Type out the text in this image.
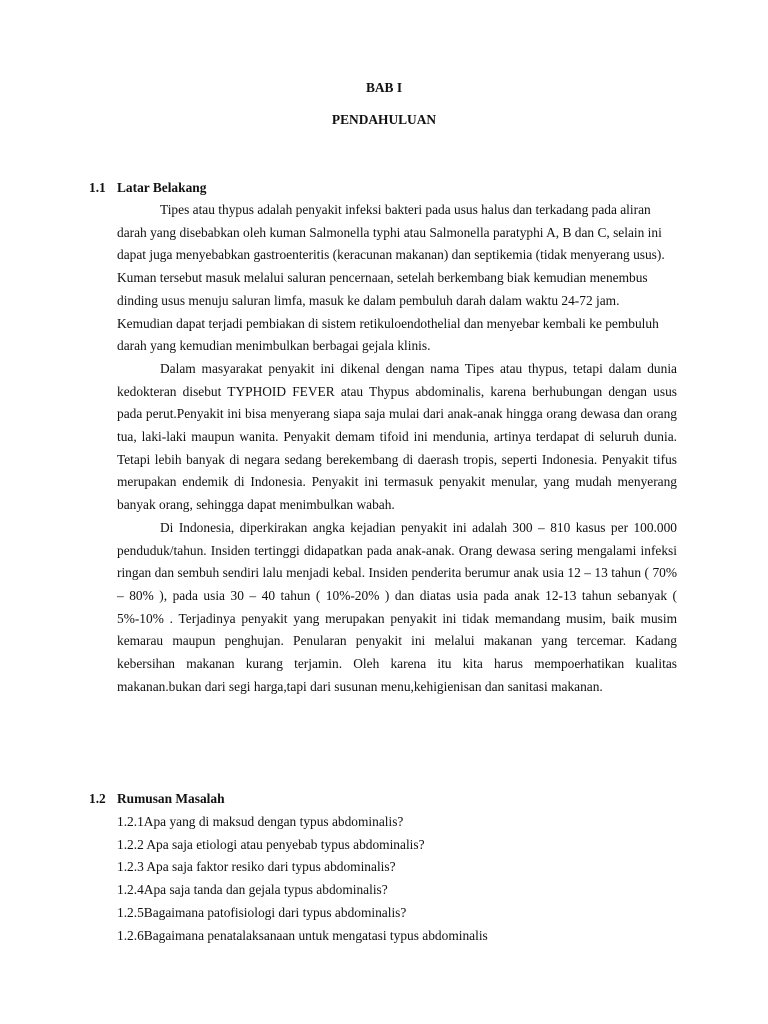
BAB I
PENDAHULUAN
1.1 Latar Belakang

Tipes atau thypus adalah penyakit infeksi bakteri pada usus halus dan terkadang pada aliran darah yang disebabkan oleh kuman Salmonella typhi atau Salmonella paratyphi A, B dan C, selain ini dapat juga menyebabkan gastroenteritis (keracunan makanan) dan septikemia (tidak menyerang usus). Kuman tersebut masuk melalui saluran pencernaan, setelah berkembang biak kemudian menembus dinding usus menuju saluran limfa, masuk ke dalam pembuluh darah dalam waktu 24-72 jam. Kemudian dapat terjadi pembiakan di sistem retikuloendothelial dan menyebar kembali ke pembuluh darah yang kemudian menimbulkan berbagai gejala klinis.

Dalam masyarakat penyakit ini dikenal dengan nama Tipes atau thypus, tetapi dalam dunia kedokteran disebut TYPHOID FEVER atau Thypus abdominalis, karena berhubungan dengan usus pada perut.Penyakit ini bisa menyerang siapa saja mulai dari anak-anak hingga orang dewasa dan orang tua, laki-laki maupun wanita. Penyakit demam tifoid ini mendunia, artinya terdapat di seluruh dunia. Tetapi lebih banyak di negara sedang berekembang di daerash tropis, seperti Indonesia. Penyakit tifus merupakan endemik di Indonesia. Penyakit ini termasuk penyakit menular, yang mudah menyerang banyak orang, sehingga dapat menimbulkan wabah.

Di Indonesia, diperkirakan angka kejadian penyakit ini adalah 300 – 810 kasus per 100.000 penduduk/tahun. Insiden tertinggi didapatkan pada anak-anak. Orang dewasa sering mengalami infeksi ringan dan sembuh sendiri lalu menjadi kebal. Insiden penderita berumur anak usia 12 – 13 tahun ( 70% – 80% ), pada usia 30 – 40 tahun ( 10%-20% ) dan diatas usia pada anak 12-13 tahun sebanyak ( 5%-10% . Terjadinya penyakit yang merupakan penyakit ini tidak memandang musim, baik musim kemarau maupun penghujan. Penularan penyakit ini melalui makanan yang tercemar. Kadang kebersihan makanan kurang terjamin. Oleh karena itu kita harus mempoerhatikan kualitas makanan.bukan dari segi harga,tapi dari susunan menu,kehigienisan dan sanitasi makanan.

1.2 Rumusan Masalah
1.2.1Apa yang di maksud dengan typus abdominalis?
1.2.2 Apa saja etiologi atau penyebab typus abdominalis?
1.2.3 Apa saja faktor resiko dari typus abdominalis?
1.2.4Apa saja tanda dan gejala typus abdominalis?
1.2.5Bagaimana patofisiologi dari typus abdominalis?
1.2.6Bagaimana penatalaksanaan untuk mengatasi typus abdominalis
